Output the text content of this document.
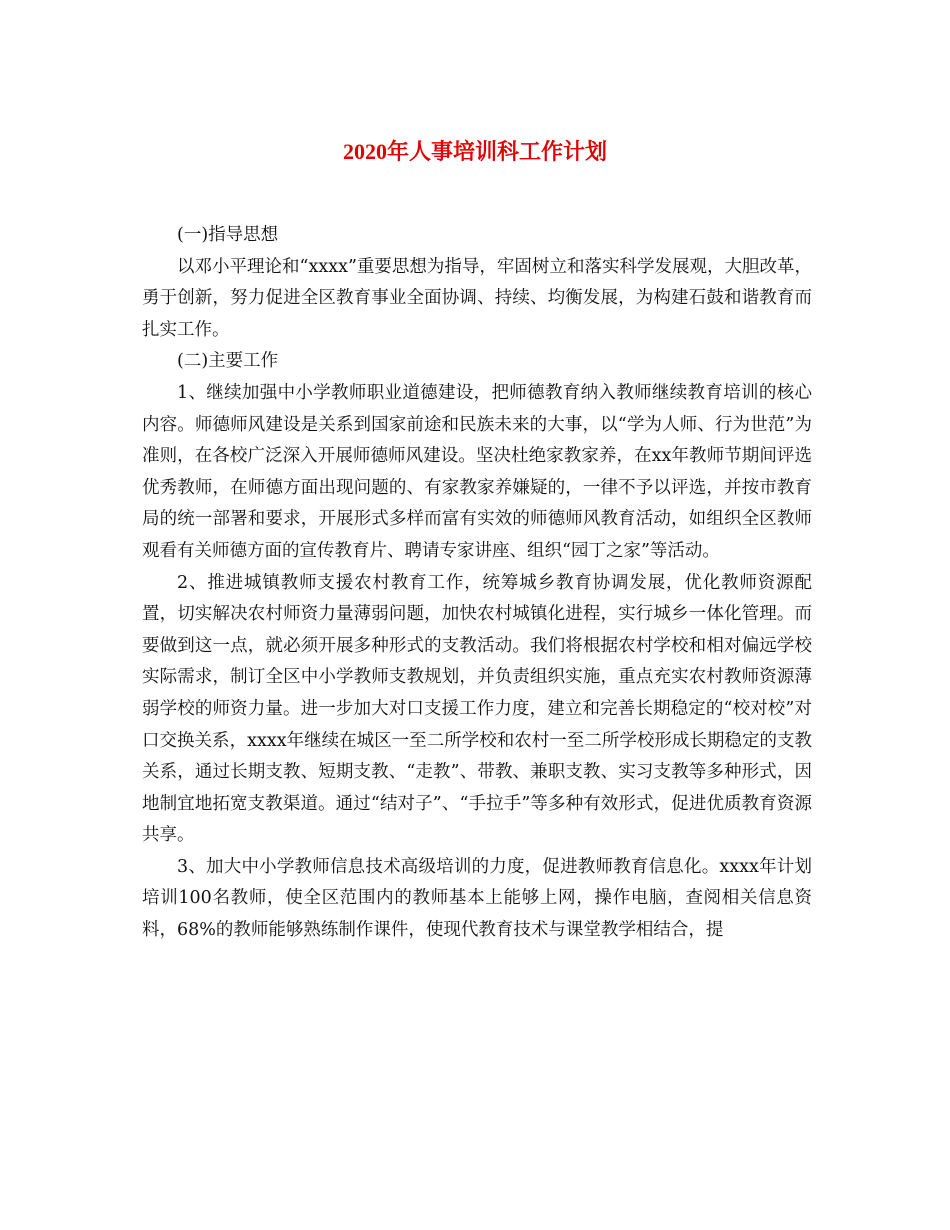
2020年人事培训科工作计划

(一)指导思想

以邓小平理论和“xxxx”重要思想为指导，牢固树立和落实科学发展观，大胆改革，勇于创新，努力促进全区教育事业全面协调、持续、均衡发展，为构建石鼓和谐教育而扎实工作。

(二)主要工作

1、继续加强中小学教师职业道德建设，把师德教育纳入教师继续教育培训的核心内容。师德师风建设是关系到国家前途和民族未来的大事，以“学为人师、行为世范”为准则，在各校广泛深入开展师德师风建设。坚决杜绝家教家养，在xx年教师节期间评选优秀教师，在师德方面出现问题的、有家教家养嫌疑的，一律不予以评选，并按市教育局的统一部署和要求，开展形式多样而富有实效的师德师风教育活动，如组织全区教师观看有关师德方面的宣传教育片、聘请专家讲座、组织“园丁之家”等活动。

2、推进城镇教师支援农村教育工作，统筹城乡教育协调发展，优化教师资源配置，切实解决农村师资力量薄弱问题，加快农村城镇化进程，实行城乡一体化管理。而要做到这一点，就必须开展多种形式的支教活动。我们将根据农村学校和相对偏远学校实际需求，制订全区中小学教师支教规划，并负责组织实施，重点充实农村教师资源薄弱学校的师资力量。进一步加大对口支援工作力度，建立和完善长期稳定的“校对校”对口交换关系，xxxx年继续在城区一至二所学校和农村一至二所学校形成长期稳定的支教关系，通过长期支教、短期支教、“走教”、带教、兼职支教、实习支教等多种形式，因地制宜地拓宽支教渠道。通过“结对子”、“手拉手”等多种有效形式，促进优质教育资源共享。

3、加大中小学教师信息技术高级培训的力度，促进教师教育信息化。xxxx年计划培训100名教师，使全区范围内的教师基本上能够上网，操作电脑，查阅相关信息资料，68%的教师能够熟练制作课件，使现代教育技术与课堂教学相结合，提
